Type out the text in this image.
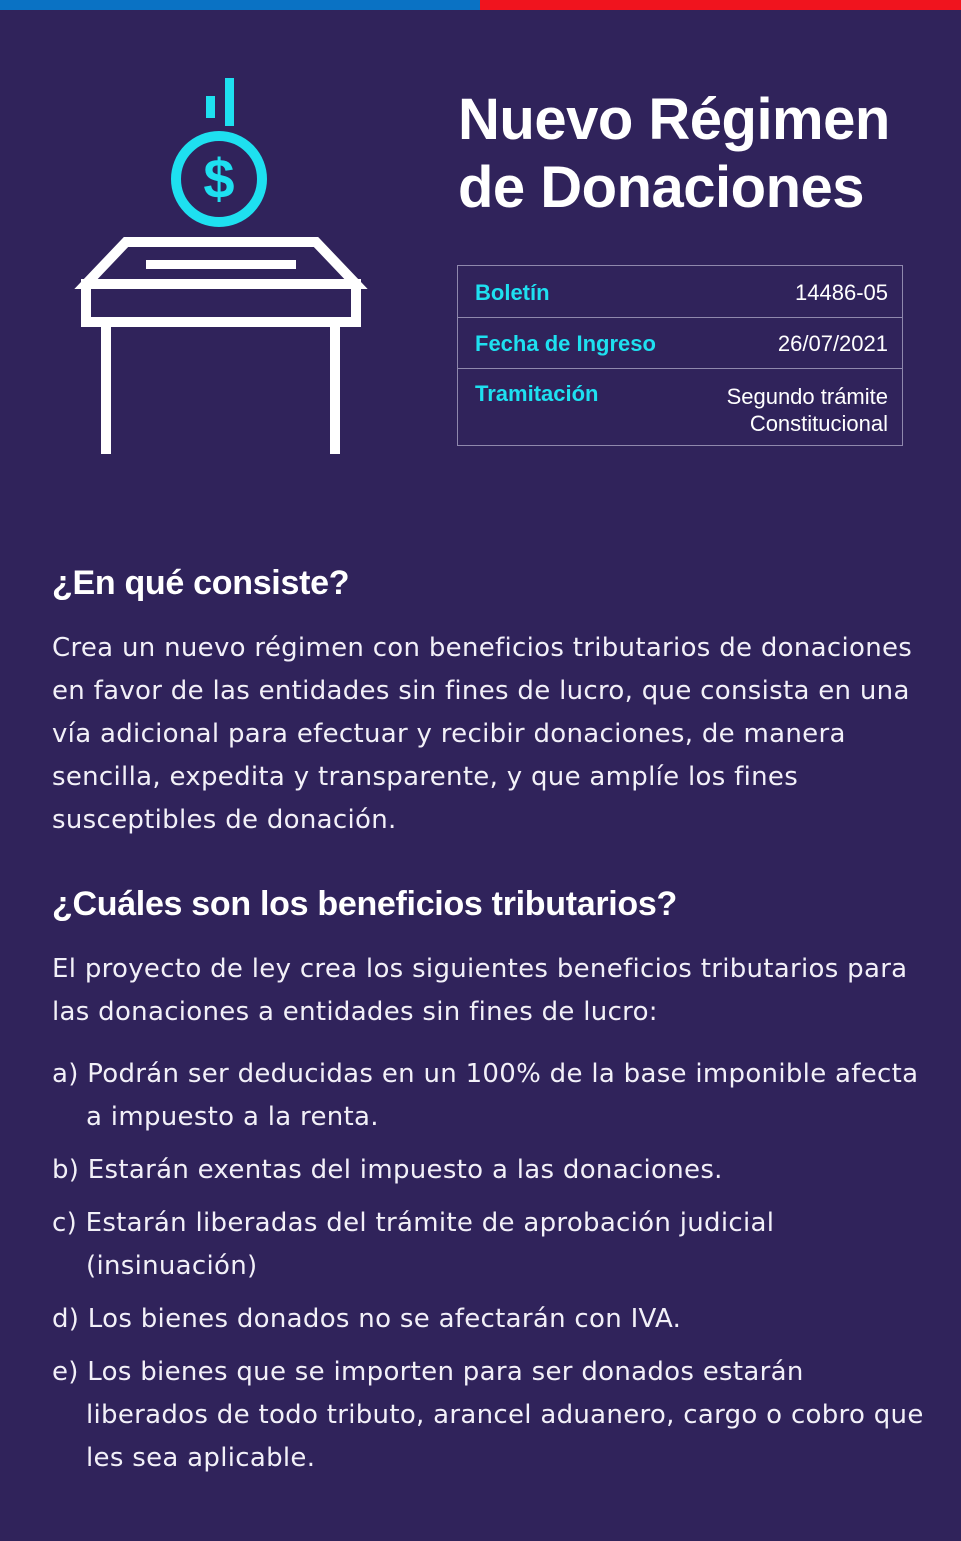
$
Nuevo Régimen
de Donaciones
Boletín	14486-05
Fecha de Ingreso	26/07/2021
Tramitación	Segundo trámite
Constitucional
¿En qué consiste?

Crea un nuevo régimen con beneficios tributarios de donaciones en favor de las entidades sin fines de lucro, que consista en una vía adicional para efectuar y recibir donaciones, de manera sencilla, expedita y transparente, y que amplíe los fines susceptibles de donación.

¿Cuáles son los beneficios tributarios?

El proyecto de ley crea los siguientes beneficios tributarios para las donaciones a entidades sin fines de lucro:

a) Podrán ser deducidas en un 100% de la base imponible afecta a impuesto a la renta.
b) Estarán exentas del impuesto a las donaciones.
c) Estarán liberadas del trámite de aprobación judicial (insinuación)
d) Los bienes donados no se afectarán con IVA.
e) Los bienes que se importen para ser donados estarán liberados de todo tributo, arancel aduanero, cargo o cobro que les sea aplicable.
